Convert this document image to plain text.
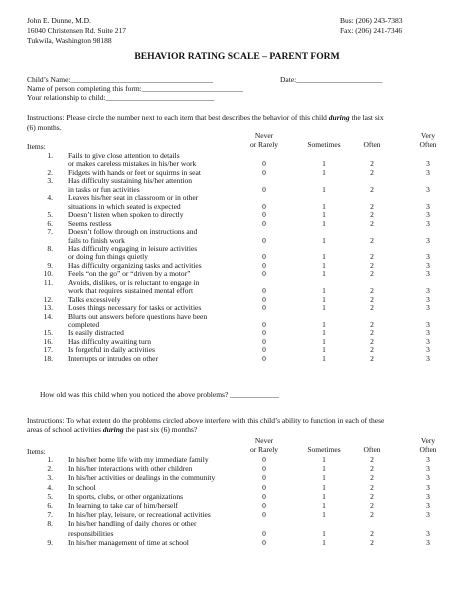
John E. Dunne, M.D.
16040 Christensen Rd. Suite 217
Tukwila, Washington 98188
Bus: (206) 243-7383
Fax: (206) 241-7346
BEHAVIOR RATING SCALE – PARENT FORM
Child’s Name:______________________________________	Date:_______________________
Name of person completing this form:___________________________
Your relationship to child:_____________________________
Instructions: Please circle the number next to each item that best describes the behavior of this child during the last six
(6) months.
Never
or Rarely	Sometimes	Often
Very
Often
Items:
1. Fails to give close attention to details
or makes careless mistakes in his/her work	0	1	2	3
2. Fidgets with hands or feet or squirms in seat	0	1	2	3
3. Has difficulty sustaining his/her attention
in tasks or fun activities	0	1	2	3
4. Leaves his/her seat in classroom or in other
situations in which seated is expected	0	1	2	3
5. Doesn’t listen when spoken to directly	0	1	2	3
6. Seems restless	0	1	2	3
7. Doesn’t follow through on instructions and
fails to finish work	0	1	2	3
8. Has difficulty engaging in leisure activities
or doing fun things quietly	0	1	2	3
9. Has difficulty organizing tasks and activities	0	1	2	3
10. Feels “on the go” or “driven by a motor”	0	1	2	3
11. Avoids, dislikes, or is reluctant to engage in
work that requires sustained mental effort	0	1	2	3
12. Talks excessively	0	1	2	3
13. Loses things necessary for tasks or activities	0	1	2	3
14. Blurts out answers before questions have been
completed	0	1	2	3
15. Is easily distracted	0	1	2	3
16. Has difficulty awaiting turn	0	1	2	3
17. Is forgetful in daily activities	0	1	2	3
18. Interrupts or intrudes on other	0	1	2	3
How old was this child when you noticed the above problems? _____________
Instructions: To what extent do the problems circled above interfere with this child’s ability to function in each of these
areas of school activities during the past six (6) months?
Never
or Rarely	Sometimes	Often
Very
Often
Items:
1. In his/her home life with my immediate family	0	1	2	3
2. In his/her interactions with other children	0	1	2	3
3. In his/her activities or dealings in the community	0	1	2	3
4. In school	0	1	2	3
5. In sports, clubs, or other organizations	0	1	2	3
6. In learning to take car of him/herself	0	1	2	3
7. In his/her play, leisure, or recreational activities	0	1	2	3
8. In his/her handling of daily chores or other
responsibilities	0	1	2	3
9. In his/her management of time at school	0	1	2	3
